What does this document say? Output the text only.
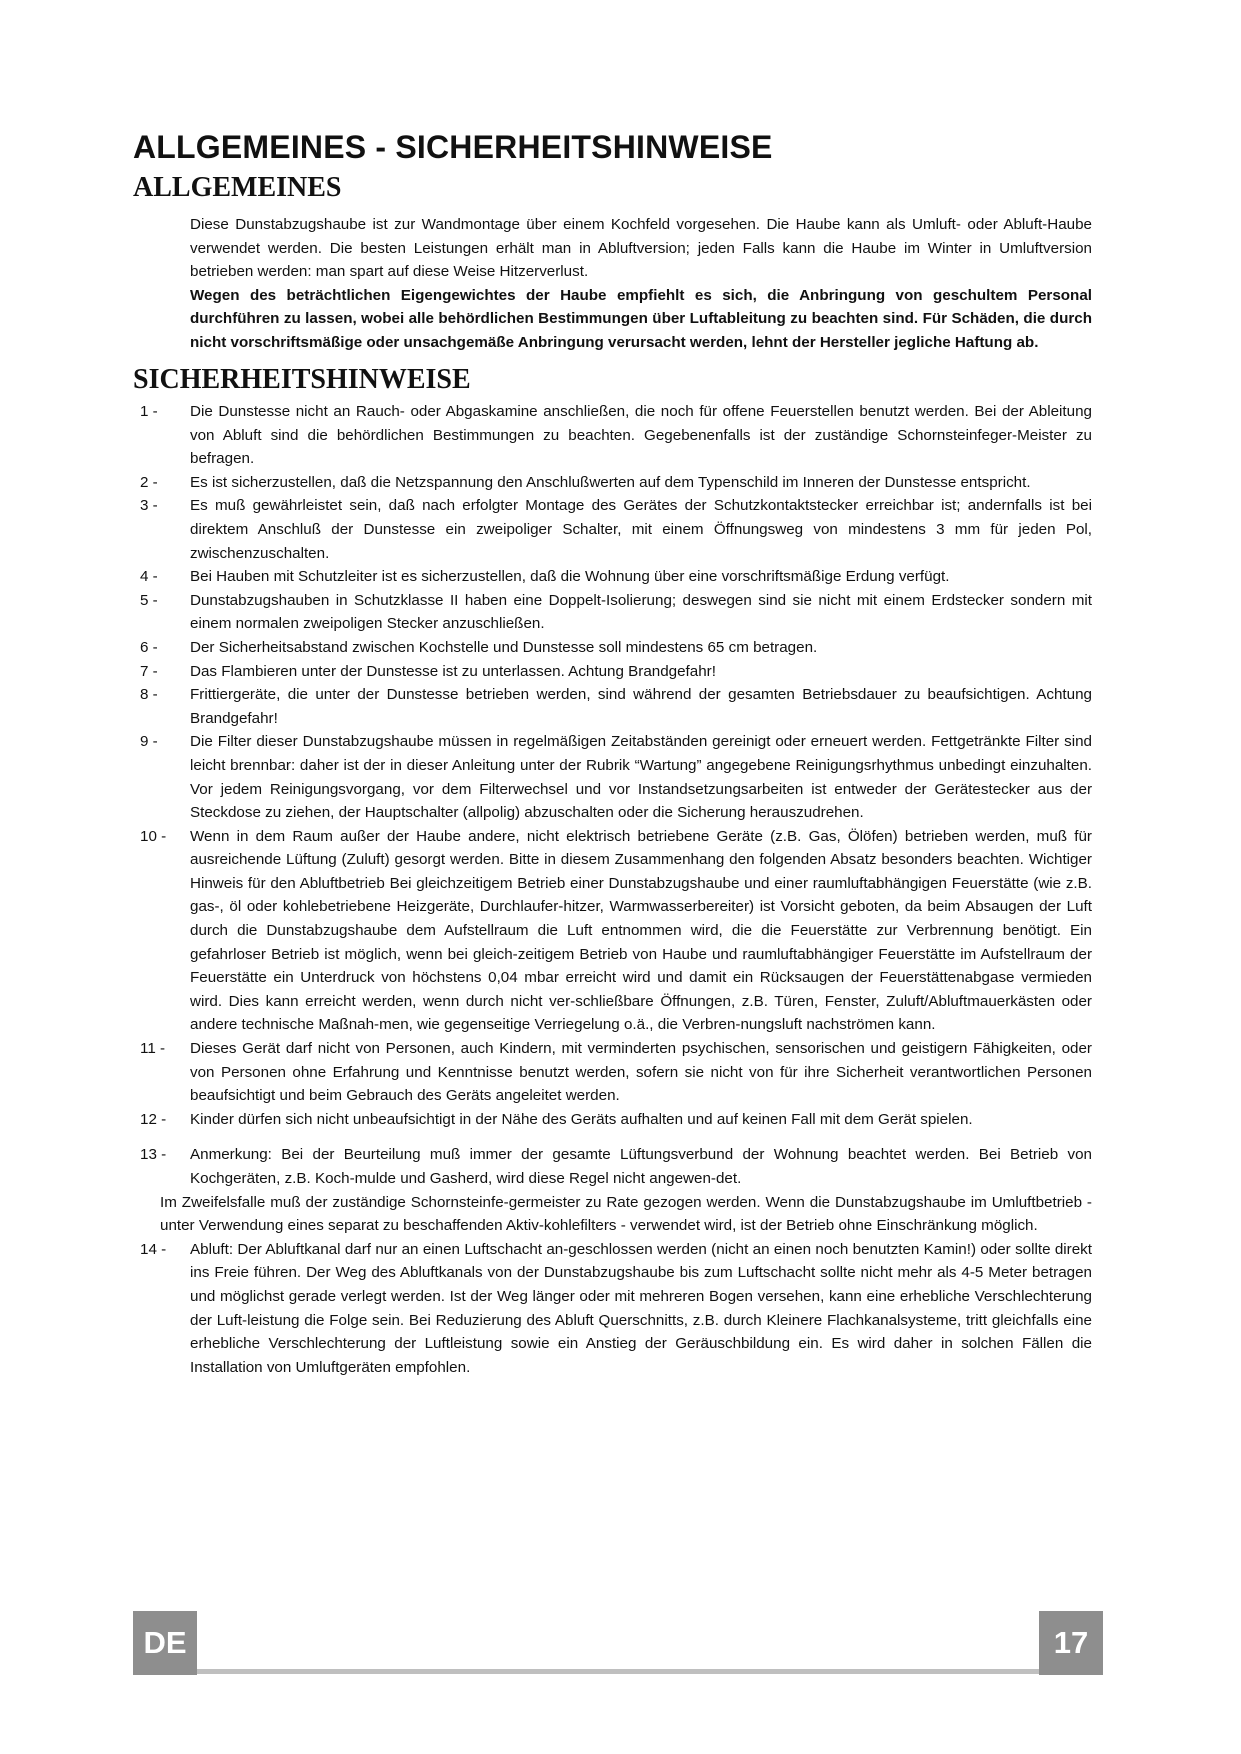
ALLGEMEINES - SICHERHEITSHINWEISE
ALLGEMEINES

Diese Dunstabzugshaube ist zur Wandmontage über einem Kochfeld vorgesehen. Die Haube kann als Umluft- oder Abluft-Haube verwendet werden. Die besten Leistungen erhält man in Abluftversion; jeden Falls kann die Haube im Winter in Umluftversion betrieben werden: man spart auf diese Weise Hitzerverlust.

Wegen des beträchtlichen Eigengewichtes der Haube empfiehlt es sich, die Anbringung von geschultem Personal durchführen zu lassen, wobei alle behördlichen Bestimmungen über Luftableitung zu beachten sind. Für Schäden, die durch nicht vorschriftsmäßige oder unsachgemäße Anbringung verursacht werden, lehnt der Hersteller jegliche Haftung ab.

SICHERHEITSHINWEISE
1 -	Die Dunstesse nicht an Rauch- oder Abgaskamine anschließen, die noch für offene Feuerstellen benutzt werden. Bei der Ableitung von Abluft sind die behördlichen Bestimmungen zu beachten. Gegebenenfalls ist der zuständige Schornsteinfeger-Meister zu befragen.
2 -	Es ist sicherzustellen, daß die Netzspannung den Anschlußwerten auf dem Typenschild im Inneren der Dunstesse entspricht.
3 -	Es muß gewährleistet sein, daß nach erfolgter Montage des Gerätes der Schutzkontaktstecker erreichbar ist; andernfalls ist bei direktem Anschluß der Dunstesse ein zweipoliger Schalter, mit einem Öffnungsweg von mindestens 3 mm für jeden Pol, zwischenzuschalten.
4 -	Bei Hauben mit Schutzleiter ist es sicherzustellen, daß die Wohnung über eine vorschriftsmäßige Erdung verfügt.
5 -	Dunstabzugshauben in Schutzklasse II haben eine Doppelt-Isolierung; deswegen sind sie nicht mit einem Erdstecker sondern mit einem normalen zweipoligen Stecker anzuschließen.
6 -	Der Sicherheitsabstand zwischen Kochstelle und Dunstesse soll mindestens 65 cm betragen.
7 -	Das Flambieren unter der Dunstesse ist zu unterlassen. Achtung Brandgefahr!
8 -	Frittiergeräte, die unter der Dunstesse betrieben werden, sind während der gesamten Betriebsdauer zu beaufsichtigen. Achtung Brandgefahr!
9 -	Die Filter dieser Dunstabzugshaube müssen in regelmäßigen Zeitabständen gereinigt oder erneuert werden. Fettgetränkte Filter sind leicht brennbar: daher ist der in dieser Anleitung unter der Rubrik “Wartung” angegebene Reinigungsrhythmus unbedingt einzuhalten. Vor jedem Reinigungsvorgang, vor dem Filterwechsel und vor Instandsetzungsarbeiten ist entweder der Gerätestecker aus der Steckdose zu ziehen, der Hauptschalter (allpolig) abzuschalten oder die Sicherung herauszudrehen.
10 -	Wenn in dem Raum außer der Haube andere, nicht elektrisch betriebene Geräte (z.B. Gas, Ölöfen) betrieben werden, muß für ausreichende Lüftung (Zuluft) gesorgt werden. Bitte in diesem Zusammenhang den folgenden Absatz besonders beachten. Wichtiger Hinweis für den Abluftbetrieb Bei gleichzeitigem Betrieb einer Dunstabzugshaube und einer raumluftabhängigen Feuerstätte (wie z.B. gas-, öl oder kohlebetriebene Heizgeräte, Durchlaufer-hitzer, Warmwasserbereiter) ist Vorsicht geboten, da beim Absaugen der Luft durch die Dunstabzugshaube dem Aufstellraum die Luft entnommen wird, die die Feuerstätte zur Verbrennung benötigt. Ein gefahrloser Betrieb ist möglich, wenn bei gleich-zeitigem Betrieb von Haube und raumluftabhängiger Feuerstätte im Aufstellraum der Feuerstätte ein Unterdruck von höchstens 0,04 mbar erreicht wird und damit ein Rücksaugen der Feuerstättenabgase vermieden wird. Dies kann erreicht werden, wenn durch nicht ver-schließbare Öffnungen, z.B. Türen, Fenster, Zuluft/Abluftmauerkästen oder andere technische Maßnah-men, wie gegenseitige Verriegelung o.ä., die Verbren-nungsluft nachströmen kann.
11 -	Dieses Gerät darf nicht von Personen, auch Kindern, mit verminderten psychischen, sensorischen und geistigern Fähigkeiten, oder von Personen ohne Erfahrung und Kenntnisse benutzt werden, sofern sie nicht von für ihre Sicherheit verantwortlichen Personen beaufsichtigt und beim Gebrauch des Geräts angeleitet werden.
12 -	Kinder dürfen sich nicht unbeaufsichtigt in der Nähe des Geräts aufhalten und auf keinen Fall mit dem Gerät spielen.
13 -	Anmerkung: Bei der Beurteilung muß immer der gesamte Lüftungsverbund der Wohnung beachtet werden. Bei Betrieb von Kochgeräten, z.B. Koch-mulde und Gasherd, wird diese Regel nicht angewen-det.
Im Zweifelsfalle muß der zuständige Schornsteinfe-germeister zu Rate gezogen werden. Wenn die Dunstabzugshaube im Umluftbetrieb - unter Verwendung eines separat zu beschaffenden Aktiv-kohlefilters - verwendet wird, ist der Betrieb ohne Einschränkung möglich.
14 -	Abluft: Der Abluftkanal darf nur an einen Luftschacht an-geschlossen werden (nicht an einen noch benutzten Kamin!) oder sollte direkt ins Freie führen. Der Weg des Abluftkanals von der Dunstabzugshaube bis zum Luftschacht sollte nicht mehr als 4-5 Meter betragen und möglichst gerade verlegt werden. Ist der Weg länger oder mit mehreren Bogen versehen, kann eine erhebliche Verschlechterung der Luft-leistung die Folge sein. Bei Reduzierung des Abluft Querschnitts, z.B. durch Kleinere Flachkanalsysteme, tritt gleichfalls eine erhebliche Verschlechterung der Luftleistung sowie ein Anstieg der Geräuschbildung ein. Es wird daher in solchen Fällen die Installation von Umluftgeräten empfohlen.
DE	17
